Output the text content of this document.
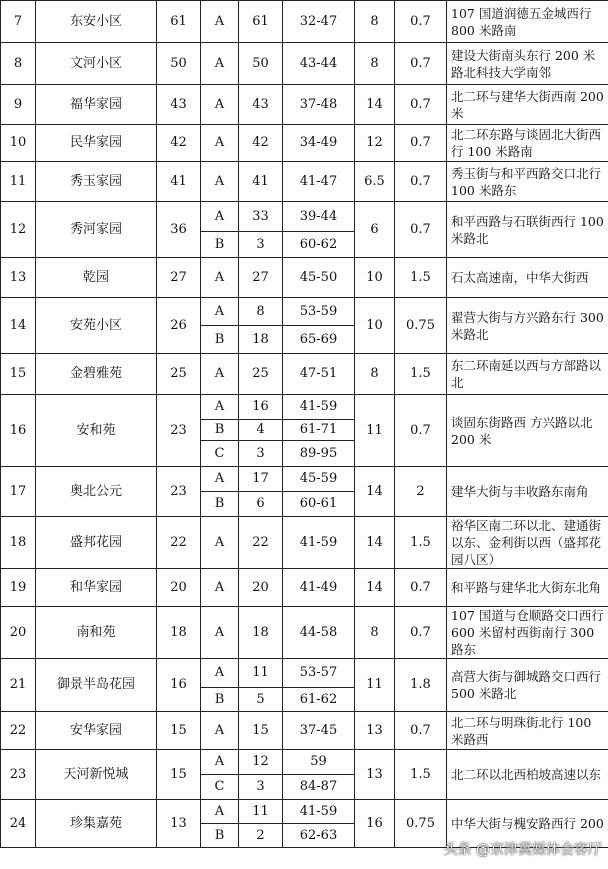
7	东安小区	61	A	61	32-47	8	0.7	107 国道润德五金城西行 800 米路南
8	文河小区	50	A	50	43-44	8	0.7	建设大街南头东行 200 米路北科技大学南邻
9	福华家园	43	A	43	37-48	14	0.7	北二环与建华大街西南 200 米
10	民华家园	42	A	42	34-49	12	0.7	北二环东路与谈固北大街西行 100 米路南
11	秀玉家园	41	A	41	41-47	6.5	0.7	秀玉街与和平西路交口北行 100 米路东
12	秀河家园	36	A	33	39-44	6	0.7	和平西路与石联街西行 100 米路北
			B	3	60-62			
13	乾园	27	A	27	45-50	10	1.5	石太高速南，中华大街西
14	安苑小区	26	A	8	53-59	10	0.75	翟营大街与方兴路东行 300 米路北
			B	18	65-69			
15	金碧雅苑	25	A	25	47-51	8	1.5	东二环南延以西与方部路以北
16	安和苑	23	A	16	41-59	11	0.7	谈固东街路西 方兴路以北 200 米
			B	4	61-71			
			C	3	89-95			
17	奥北公元	23	A	17	45-59	14	2	建华大街与丰收路东南角
			B	6	60-61			
18	盛邦花园	22	A	22	41-59	14	1.5	裕华区南二环以北、建通街以东、金利街以西（盛邦花园八区）
19	和华家园	20	A	20	41-49	14	0.7	和平路与建华北大街东北角
20	南和苑	18	A	18	44-58	8	0.7	107 国道与仓顺路交口西行 600 米留村西街南行 300 路东
21	御景半岛花园	16	A	11	53-57	11	1.8	高营大街与御城路交口西行 500 米路北
			B	5	61-62			
22	安华家园	15	A	15	37-45	13	0.7	北二环与明珠街北行 100 米路西
23	天河新悦城	15	A	12	59	13	1.5	北二环以北西柏坡高速以东
			C	3	84-87			
24	珍集嘉苑	13	A	11	41-59	16	0.75	中华大街与槐安路西行 200
			B	2	62-63			
头条 @京津冀媒体会客厅
